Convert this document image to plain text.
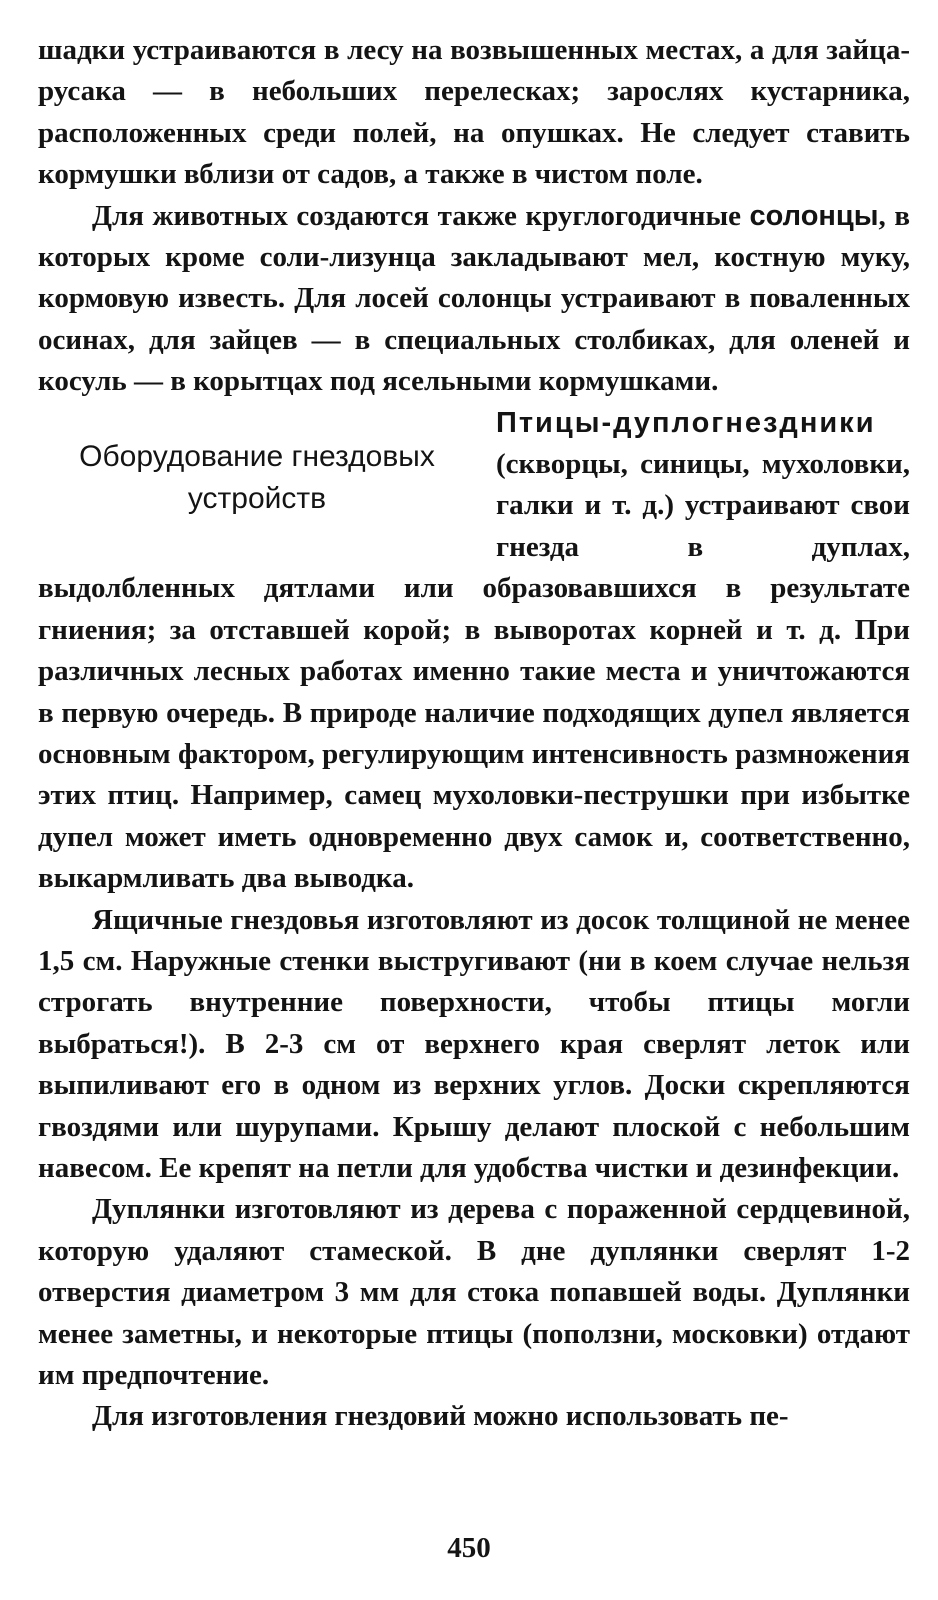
шадки устраиваются в лесу на возвышенных местах, а для зайца-русака — в небольших перелесках; зарослях кустарника, расположенных среди полей, на опушках. Не следует ставить кормушки вблизи от садов, а также в чистом поле.

Для животных создаются также круглогодичные солонцы, в которых кроме соли-лизунца закладывают мел, костную муку, кормовую известь. Для лосей солонцы устраивают в поваленных осинах, для зайцев — в специальных столбиках, для оленей и косуль — в корытцах под ясельными кормушками.

Оборудование гнездовых
устройств

Птицы-дуплогнездники (скворцы, синицы, мухоловки, галки и т. д.) устраивают свои гнезда в дуплах, выдолбленных дятлами или образовавшихся в результате гниения; за отставшей корой; в выворотах корней и т. д. При различных лесных работах именно такие места и уничтожаются в первую очередь. В природе наличие подходящих дупел является основным фактором, регулирующим интенсивность размножения этих птиц. Например, самец мухоловки-пеструшки при избытке дупел может иметь одновременно двух самок и, соответственно, выкармливать два выводка.

Ящичные гнездовья изготовляют из досок толщиной не менее 1,5 см. Наружные стенки выстругивают (ни в коем случае нельзя строгать внутренние поверхности, чтобы птицы могли выбраться!). В 2-3 см от верхнего края сверлят леток или выпиливают его в одном из верхних углов. Доски скрепляются гвоздями или шурупами. Крышу делают плоской с небольшим навесом. Ее крепят на петли для удобства чистки и дезинфекции.

Дуплянки изготовляют из дерева с пораженной сердцевиной, которую удаляют стамеской. В дне дуплянки сверлят 1-2 отверстия диаметром 3 мм для стока попавшей воды. Дуплянки менее заметны, и некоторые птицы (поползни, московки) отдают им предпочтение.

Для изготовления гнездовий можно использовать пе-

450
